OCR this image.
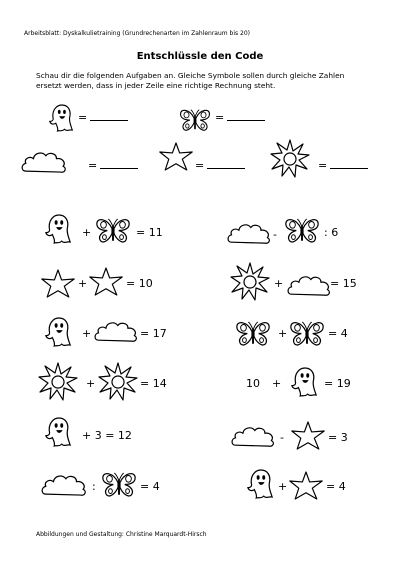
Arbeitsblatt: Dyskalkulietraining (Grundrechenarten im Zahlenraum bis 20)
Entschlüssle den Code
Schau dir die folgenden Aufgaben an. Gleiche Symbole sollen durch gleiche Zahlen ersetzt werden, dass in jeder Zeile eine richtige Rechnung steht.
=	=
=	=	=
+	= 11
+	= 10
+	= 17
+	= 14
+ 3 = 12
:	= 4
-	: 6
+	= 15
+	= 4
10 +	= 19
-	= 3
+	= 4
Abbildungen und Gestaltung: Christine Marquardt-Hirsch
